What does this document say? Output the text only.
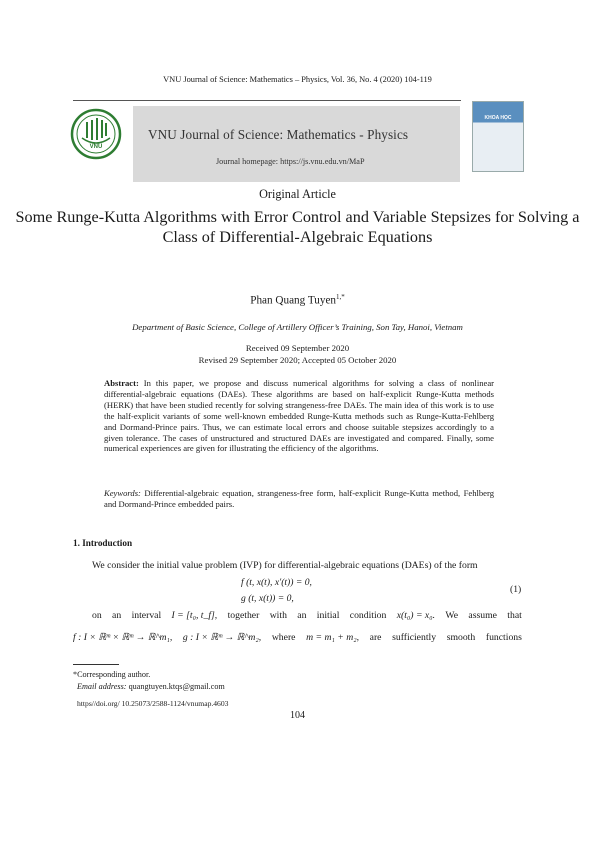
VNU Journal of Science: Mathematics – Physics, Vol. 36, No. 4 (2020) 104-119
VNU
VNU Journal of Science: Mathematics - Physics
Journal homepage: https://js.vnu.edu.vn/MaP
KHOA HỌC
Original Article
Some Runge-Kutta Algorithms with Error Control and Variable Stepsizes for Solving a Class of Differential-Algebraic Equations
Phan Quang Tuyen$^{1,*}$
Department of Basic Science, College of Artillery Officer’s Training, Son Tay, Hanoi, Vietnam
Received 09 September 2020
Revised 29 September 2020; Accepted 05 October 2020
Abstract: In this paper, we propose and discuss numerical algorithms for solving a class of nonlinear differential-algebraic equations (DAEs). These algorithms are based on half-explicit Runge-Kutta methods (HERK) that have been studied recently for solving strangeness-free DAEs. The main idea of this work is to use the half-explicit variants of some well-known embedded Runge-Kutta methods such as Runge-Kutta-Fehlberg and Dormand-Prince pairs. Thus, we can estimate local errors and choose suitable stepsizes accordingly to a given tolerance. The cases of unstructured and structured DAEs are investigated and compared. Finally, some numerical experiences are given for illustrating the efficiency of the algorithms.
Keywords: Differential-algebraic equation, strangeness-free form, half-explicit Runge-Kutta method, Fehlberg and Dormand-Prince embedded pairs.
1. Introduction
We consider the initial value problem (IVP) for differential-algebraic equations (DAEs) of the form
f (t, x(t), x′(t)) = 0,
g (t, x(t)) = 0,
(1)
on an interval I = [t₀, t_f], together with an initial condition x(t₀) = x₀. We assume that
f : I × ℝᵐ × ℝᵐ → ℝ^m₁, g : I × ℝᵐ → ℝ^m₂, where m = m₁ + m₂, are sufficiently smooth functions
*Corresponding author.
Email address: quangtuyen.ktqs@gmail.com
https//doi.org/ 10.25073/2588-1124/vnumap.4603
104
